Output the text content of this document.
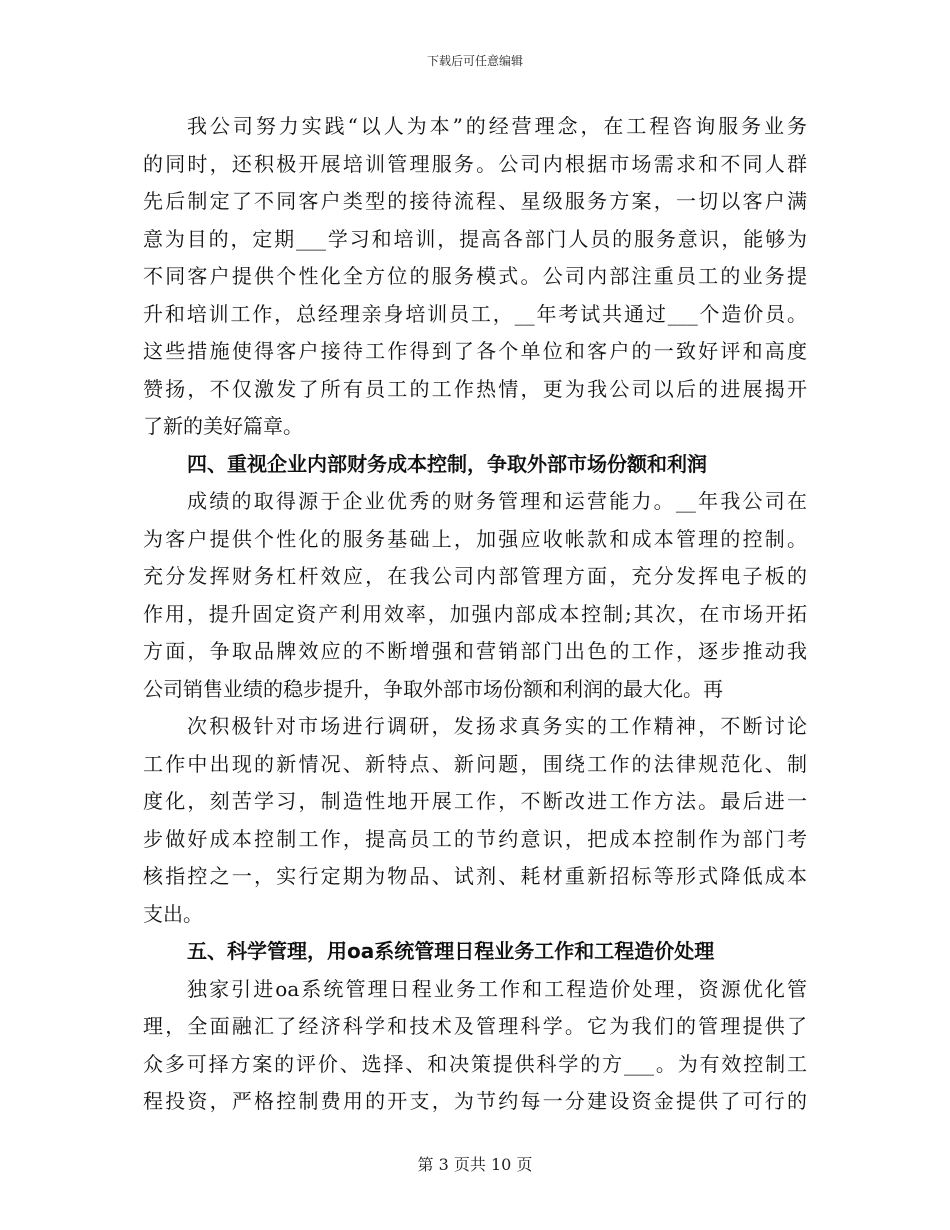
下载后可任意编辑
我公司努力实践“以人为本”的经营理念，在工程咨询服务业务
的同时，还积极开展培训管理服务。公司内根据市场需求和不同人群
先后制定了不同客户类型的接待流程、星级服务方案，一切以客户满
意为目的，定期___学习和培训，提高各部门人员的服务意识，能够为
不同客户提供个性化全方位的服务模式。公司内部注重员工的业务提
升和培训工作，总经理亲身培训员工，__年考试共通过___个造价员。
这些措施使得客户接待工作得到了各个单位和客户的一致好评和高度
赞扬，不仅激发了所有员工的工作热情，更为我公司以后的进展揭开
了新的美好篇章。
四、重视企业内部财务成本控制，争取外部市场份额和利润
成绩的取得源于企业优秀的财务管理和运营能力。__年我公司在
为客户提供个性化的服务基础上，加强应收帐款和成本管理的控制。
充分发挥财务杠杆效应，在我公司内部管理方面，充分发挥电子板的
作用，提升固定资产利用效率，加强内部成本控制;其次，在市场开拓
方面，争取品牌效应的不断增强和营销部门出色的工作，逐步推动我
公司销售业绩的稳步提升，争取外部市场份额和利润的最大化。再
次积极针对市场进行调研，发扬求真务实的工作精神，不断讨论
工作中出现的新情况、新特点、新问题，围绕工作的法律规范化、制
度化，刻苦学习，制造性地开展工作，不断改进工作方法。最后进一
步做好成本控制工作，提高员工的节约意识，把成本控制作为部门考
核指控之一，实行定期为物品、试剂、耗材重新招标等形式降低成本
支出。
五、科学管理，用oa系统管理日程业务工作和工程造价处理
独家引进oa系统管理日程业务工作和工程造价处理，资源优化管
理，全面融汇了经济科学和技术及管理科学。它为我们的管理提供了
众多可择方案的评价、选择、和决策提供科学的方___。为有效控制工
程投资，严格控制费用的开支，为节约每一分建设资金提供了可行的
第 3 页共 10 页
